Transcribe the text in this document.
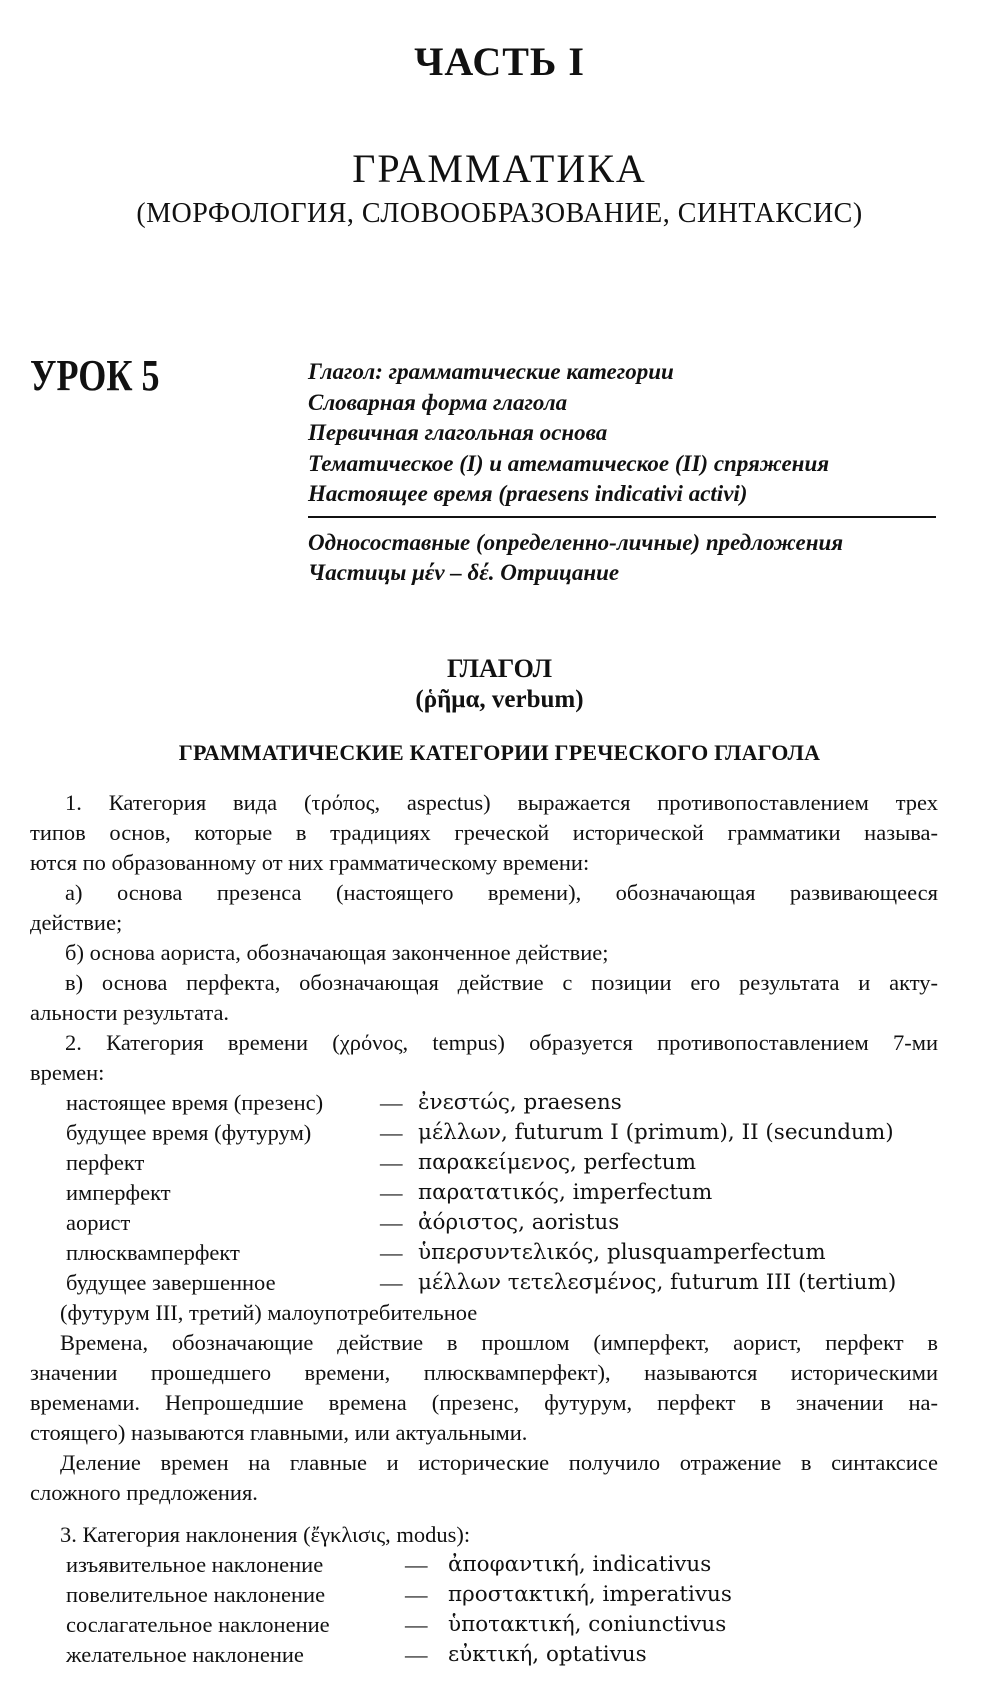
ЧАСТЬ I
ГРАММАТИКА
(МОРФОЛОГИЯ, СЛОВООБРАЗОВАНИЕ, СИНТАКСИС)
УРОК 5	Глагол: грамматические категории
Словарная форма глагола
Первичная глагольная основа
Тематическое (I) и атематическое (II) спряжения
Настоящее время (praesens indicativi activi)
Односоставные (определенно-личные) предложения
Частицы μέν – δέ. Отрицание
ГЛАГОЛ
(ῥῆμα, verbum)
ГРАММАТИЧЕСКИЕ КАТЕГОРИИ ГРЕЧЕСКОГО ГЛАГОЛА
1. Категория вида (τρόπος, aspectus) выражается противопоставлением трех
типов основ, которые в традициях греческой исторической грамматики называ-
ются по образованному от них грамматическому времени:
а) основа презенса (настоящего времени), обозначающая развивающееся
действие;
б) основа аориста, обозначающая законченное действие;
в) основа перфекта, обозначающая действие с позиции его результата и акту-
альности результата.
2. Категория времени (χρόνος, tempus) образуется противопоставлением 7-ми
времен:
настоящее время (презенс)	— ἐνεστώς, praesens
будущее время (футурум)	— μέλλων, futurum I (primum), II (secundum)
перфект	— παρακείμενος, perfectum
имперфект	— παρατατικός, imperfectum
аорист	— ἀόριστος, aoristus
плюсквамперфект	— ὑπερσυντελικός, plusquamperfectum
будущее завершенное	— μέλλων τετελεσμένος, futurum III (tertium)
(футурум III, третий) малоупотребительное
Времена, обозначающие действие в прошлом (имперфект, аорист, перфект в
значении прошедшего времени, плюсквамперфект), называются историческими
временами. Непрошедшие времена (презенс, футурум, перфект в значении на-
стоящего) называются главными, или актуальными.
Деление времен на главные и исторические получило отражение в синтаксисе
сложного предложения.
3. Категория наклонения (ἔγκλισις, modus):
изъявительное наклонение	— ἀποφαντική, indicativus
повелительное наклонение	— προστακτική, imperativus
сослагательное наклонение	— ὑποτακτική, coniunctivus
желательное наклонение	— εὐκτική, optativus
